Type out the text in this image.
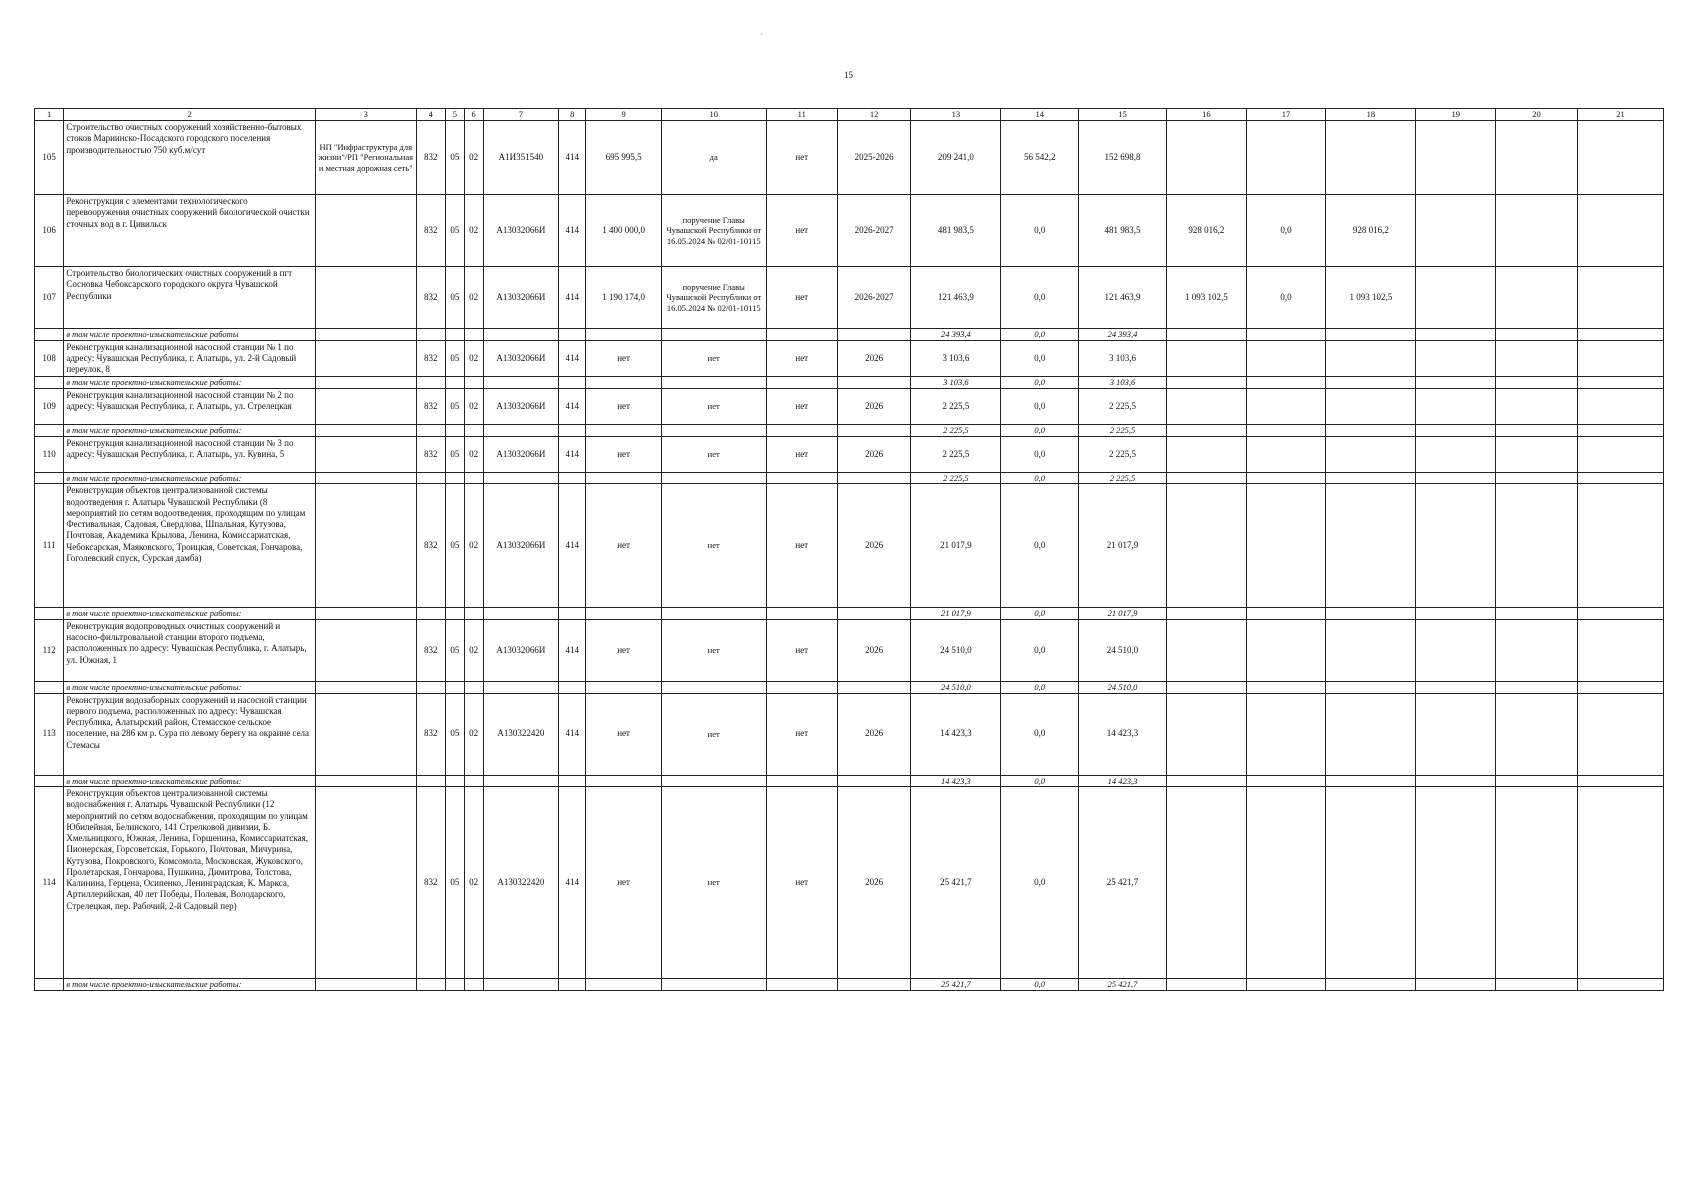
·
15
1	2	3	4	5	6	7	8	9	10	11	12	13	14	15	16	17	18	19	20	21
105	Строительство очистных сооружений хозяйственно-бытовых стоков Мариинско-Посадского городского поселения производительностью 750 куб.м/сут	НП "Инфраструктура для жизни"/РП "Региональная и местная дорожная сеть"	832	05	02	A1И351540	414	695 995,5	да	нет	2025-2026	209 241,0	56 542,2	152 698,8						
106	Реконструкция с элементами технологического перевооружения очистных сооружений биологической очистки сточных вод в г. Цивильск		832	05	02	A13032066И	414	1 400 000,0	поручение Главы Чувашской Республики от 16.05.2024 № 02/01-10115	нет	2026-2027	481 983,5	0,0	481 983,5	928 016,2	0,0	928 016,2			
107	Строительство биологических очистных сооружений в пгт Сосновка Чебоксарского городского округа Чувашской Республики		832	05	02	A13032066И	414	1 190 174,0	поручение Главы Чувашской Республики от 16.05.2024 № 02/01-10115	нет	2026-2027	121 463,9	0,0	121 463,9	1 093 102,5	0,0	1 093 102,5			
	в том числе проектно-изыскательские работы											24 393,4	0,0	24 393,4						
108	Реконструкция канализационной насосной станции № 1 по адресу: Чувашская Республика, г. Алатырь, ул. 2-й Садовый переулок, 8		832	05	02	A13032066И	414	нет	нет	нет	2026	3 103,6	0,0	3 103,6						
	в том числе проектно-изыскательские работы:											3 103,6	0,0	3 103,6						
109	Реконструкция канализационной насосной станции № 2 по адресу: Чувашская Республика, г. Алатырь, ул. Стрелецкая		832	05	02	A13032066И	414	нет	нет	нет	2026	2 225,5	0,0	2 225,5						
	в том числе проектно-изыскательские работы:											2 225,5	0,0	2 225,5						
110	Реконструкция канализационной насосной станции № 3 по адресу: Чувашская Республика, г. Алатырь, ул. Кувина, 5		832	05	02	A13032066И	414	нет	нет	нет	2026	2 225,5	0,0	2 225,5						
	в том числе проектно-изыскательские работы:											2 225,5	0,0	2 225,5						
111	Реконструкция объектов централизованной системы водоотведения г. Алатырь Чувашской Республики (8 мероприятий по сетям водоотведения, проходящим по улицам Фестивальная, Садовая, Свердлова, Шпальная, Кутузова, Почтовая, Академика Крылова, Ленина, Комиссариатская, Чебоксарская, Маяковского, Троицкая, Советская, Гончарова, Гоголевский спуск, Сурская дамба)		832	05	02	A13032066И	414	нет	нет	нет	2026	21 017,9	0,0	21 017,9						
	в том числе проектно-изыскательские работы:											21 017,9	0,0	21 017,9						
112	Реконструкция водопроводных очистных сооружений и насосно-фильтровальной станции второго подъема, расположенных по адресу: Чувашская Республика, г. Алатырь, ул. Южная, 1		832	05	02	A13032066И	414	нет	нет	нет	2026	24 510,0	0,0	24 510,0						
	в том числе проектно-изыскательские работы:											24 510,0	0,0	24 510,0						
113	Реконструкция водозаборных сооружений и насосной станции первого подъема, расположенных по адресу: Чувашская Республика, Алатырский район, Стемасское сельское поселение, на 286 км р. Сура по левому берегу на окраине села Стемасы		832	05	02	A130322420	414	нет	нет	нет	2026	14 423,3	0,0	14 423,3						
	в том числе проектно-изыскательские работы:											14 423,3	0,0	14 423,3						
114	Реконструкция объектов централизованной системы водоснабжения г. Алатырь Чувашской Республики (12 мероприятий по сетям водоснабжения, проходящим по улицам Юбилейная, Белинского, 141 Стрелковой дивизии, Б. Хмельницкого, Южная, Ленина, Горшенина, Комиссариатская, Пионерская, Горсоветская, Горького, Почтовая, Мичурина, Кутузова, Покровского, Комсомола, Московская, Жуковского, Пролетарская, Гончарова, Пушкина, Димитрова, Толстова, Калинина, Герцена, Осипенко, Ленинградская, К. Маркса, Артиллерийская, 40 лет Победы, Полевая, Володарского, Стрелецкая, пер. Рабочий, 2-й Садовый пер)		832	05	02	A130322420	414	нет	нет	нет	2026	25 421,7	0,0	25 421,7						
	в том числе проектно-изыскательские работы:											25 421,7	0,0	25 421,7						
